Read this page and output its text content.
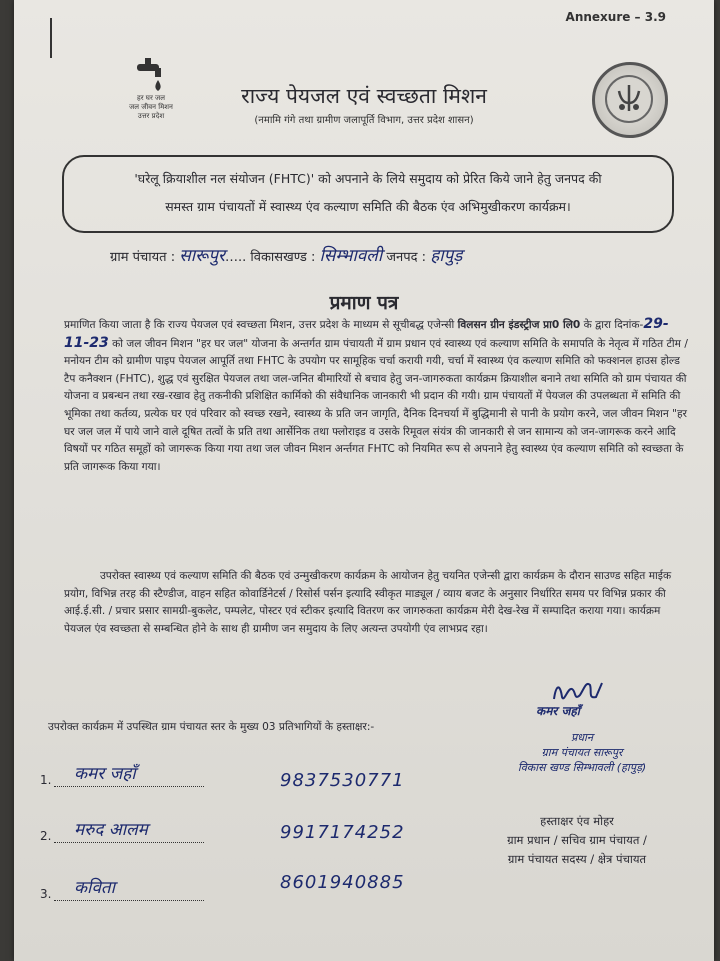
Annexure – 3.9
हर घर जल
जल जीवन मिशन
उत्तर प्रदेश
राज्य पेयजल एवं स्वच्छता मिशन
(नमामि गंगे तथा ग्रामीण जलापूर्ति विभाग, उत्तर प्रदेश शासन)
'घरेलू क्रियाशील नल संयोजन (FHTC)' को अपनाने के लिये समुदाय को प्रेरित किये जाने हेतु जनपद की
समस्त ग्राम पंचायतों में स्वास्थ्य एंव कल्याण समिति की बैठक एंव अभिमुखीकरण कार्यक्रम।
ग्राम पंचायत : सारूपुर….. विकासखण्ड : सिम्भावली जनपद : हापुड़
प्रमाण पत्र
प्रमाणित किया जाता है कि राज्य पेयजल एवं स्वच्छता मिशन, उत्तर प्रदेश के माध्यम से सूचीबद्ध एजेन्सी विलसन ग्रीन इंडस्ट्रीज प्रा0 लि0 के द्वारा दिनांक-29-11-23 को जल जीवन मिशन "हर घर जल" योजना के अन्तर्गत ग्राम पंचायती में ग्राम प्रधान एवं स्वास्थ्य एवं कल्याण समिति के समापति के नेतृत्व में गठित टीम / मनोयन टीम को ग्रामीण पाइप पेयजल आपूर्ति तथा FHTC के उपयोग पर सामूहिक चर्चा करायी गयी, चर्चा में स्वास्थ्य एंव कल्याण समिति को फक्शनल हाउस होल्ड टैप कनैक्शन (FHTC), शुद्ध एवं सुरक्षित पेयजल तथा जल-जनित बीमारियों से बचाव हेतु जन-जागरुकता कार्यक्रम क्रियाशील बनाने तथा समिति को ग्राम पंचायत की योजना व प्रबन्धन तथा रख-रखाव हेतु तकनीकी प्रशिक्षित कार्मिको की संवैधानिक जानकारी भी प्रदान की गयी। ग्राम पंचायतों में पेयजल की उपलब्धता में समिति की भूमिका तथा कर्तव्य, प्रत्येक घर एवं परिवार को स्वच्छ रखने, स्वास्थ्य के प्रति जन जागृति, दैनिक दिनचर्या में बुद्धिमानी से पानी के प्रयोग करने, जल जीवन मिशन "हर घर जल जल में पाये जाने वाले दूषित तत्वों के प्रति तथा आर्सेनिक तथा फ्लोराइड व उसके रिमूवल संयंत्र की जानकारी से जन सामान्य को जन-जागरूक करने आदि विषयों पर गठित समूहों को जागरूक किया गया तथा जल जीवन मिशन अर्न्तगत FHTC को नियमित रूप से अपनाने हेतु स्वास्थ्य एंव कल्याण समिति को स्वच्छता के प्रति जागरूक किया गया।
उपरोक्त स्वास्थ्य एवं कल्याण समिति की बैठक एवं उन्मुखीकरण कार्यक्रम के आयोजन हेतु चयनित एजेन्सी द्वारा कार्यक्रम के दौरान साउण्ड सहित माईक प्रयोग, विभिन्न तरह की स्टैण्डीज, वाहन सहित कोवार्डिनेटर्स / रिसोर्स पर्सन इत्यादि स्वीकृत माड्यूल / व्याय बजट के अनुसार निर्धारित समय पर विभिन्न प्रकार की आई.ई.सी. / प्रचार प्रसार सामग्री-बुकलेट, पम्पलेट, पोस्टर एवं स्टीकर इत्यादि वितरण कर जागरुकता कार्यक्रम मेरी देख-रेख में सम्पादित कराया गया। कार्यक्रम पेयजल एंव स्वच्छता से सम्बन्धित होने के साथ ही ग्रामीण जन समुदाय के लिए अत्यन्त उपयोगी एंव लाभप्रद रहा।
Ule
कमर जहाँ
प्रधान
ग्राम पंचायत सारूपुर
विकास खण्ड सिम्भावली (हापुड़)
उपरोक्त कार्यक्रम में उपस्थित ग्राम पंचायत स्तर के मुख्य 03 प्रतिभागियों के हस्ताक्षर:-
1. कमर जहाँ	9837530771
2. मरुद आलम	9917174252
3. कविता	8601940885
हस्ताक्षर एंव मोहर
ग्राम प्रधान / सचिव ग्राम पंचायत /
ग्राम पंचायत सदस्य / क्षेत्र पंचायत
